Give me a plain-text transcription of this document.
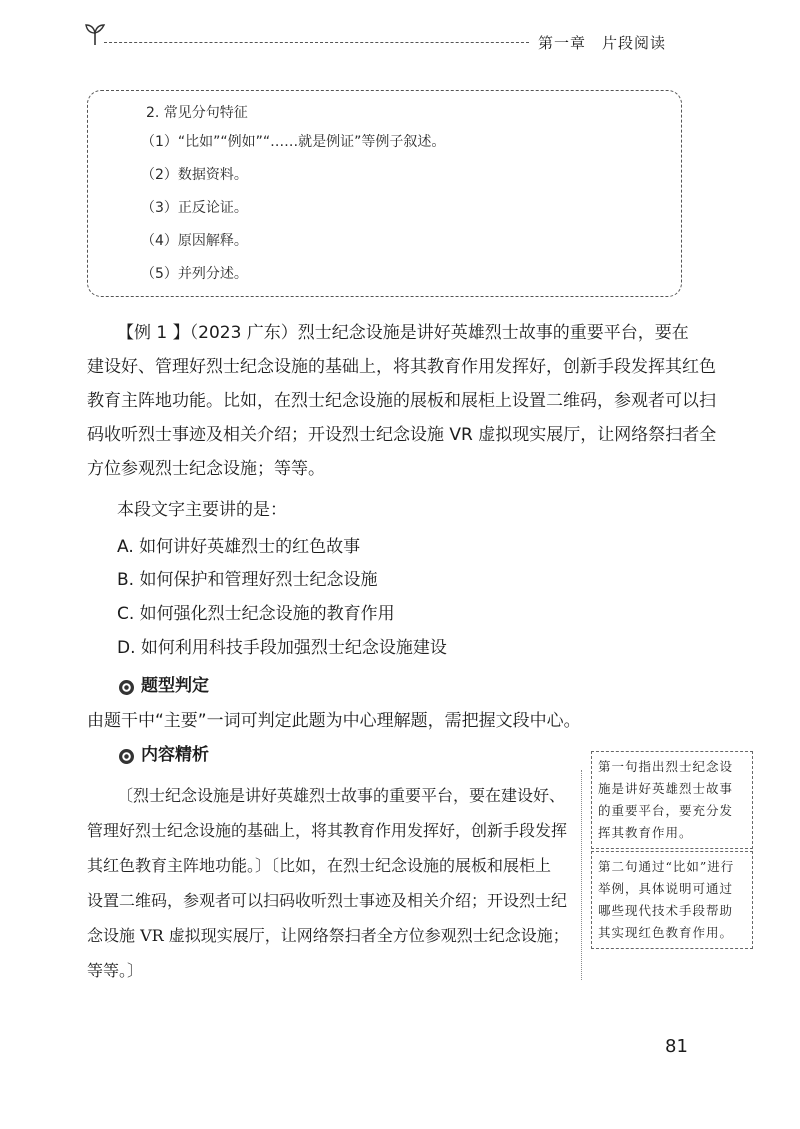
第一章　片段阅读
2. 常见分句特征
（1）“比如”“例如”“……就是例证”等例子叙述。
（2）数据资料。
（3）正反论证。
（4）原因解释。
（5）并列分述。
【例 1 】（2023 广东）烈士纪念设施是讲好英雄烈士故事的重要平台，要在
建设好、管理好烈士纪念设施的基础上，将其教育作用发挥好，创新手段发挥其红色
教育主阵地功能。比如，在烈士纪念设施的展板和展柜上设置二维码，参观者可以扫
码收听烈士事迹及相关介绍；开设烈士纪念设施 VR 虚拟现实展厅，让网络祭扫者全
方位参观烈士纪念设施；等等。
本段文字主要讲的是：
A. 如何讲好英雄烈士的红色故事
B. 如何保护和管理好烈士纪念设施
C. 如何强化烈士纪念设施的教育作用
D. 如何利用科技手段加强烈士纪念设施建设
题型判定
由题干中“主要”一词可判定此题为中心理解题，需把握文段中心。
内容精析
〔烈士纪念设施是讲好英雄烈士故事的重要平台，要在建设好、
管理好烈士纪念设施的基础上，将其教育作用发挥好，创新手段发挥
其红色教育主阵地功能。〕〔比如，在烈士纪念设施的展板和展柜上
设置二维码，参观者可以扫码收听烈士事迹及相关介绍；开设烈士纪
念设施 VR 虚拟现实展厅，让网络祭扫者全方位参观烈士纪念设施；
等等。〕
第一句指出烈士纪念设施是讲好英雄烈士故事的重要平台，要充分发挥其教育作用。
第二句通过“比如”进行举例，具体说明可通过哪些现代技术手段帮助其实现红色教育作用。
81
